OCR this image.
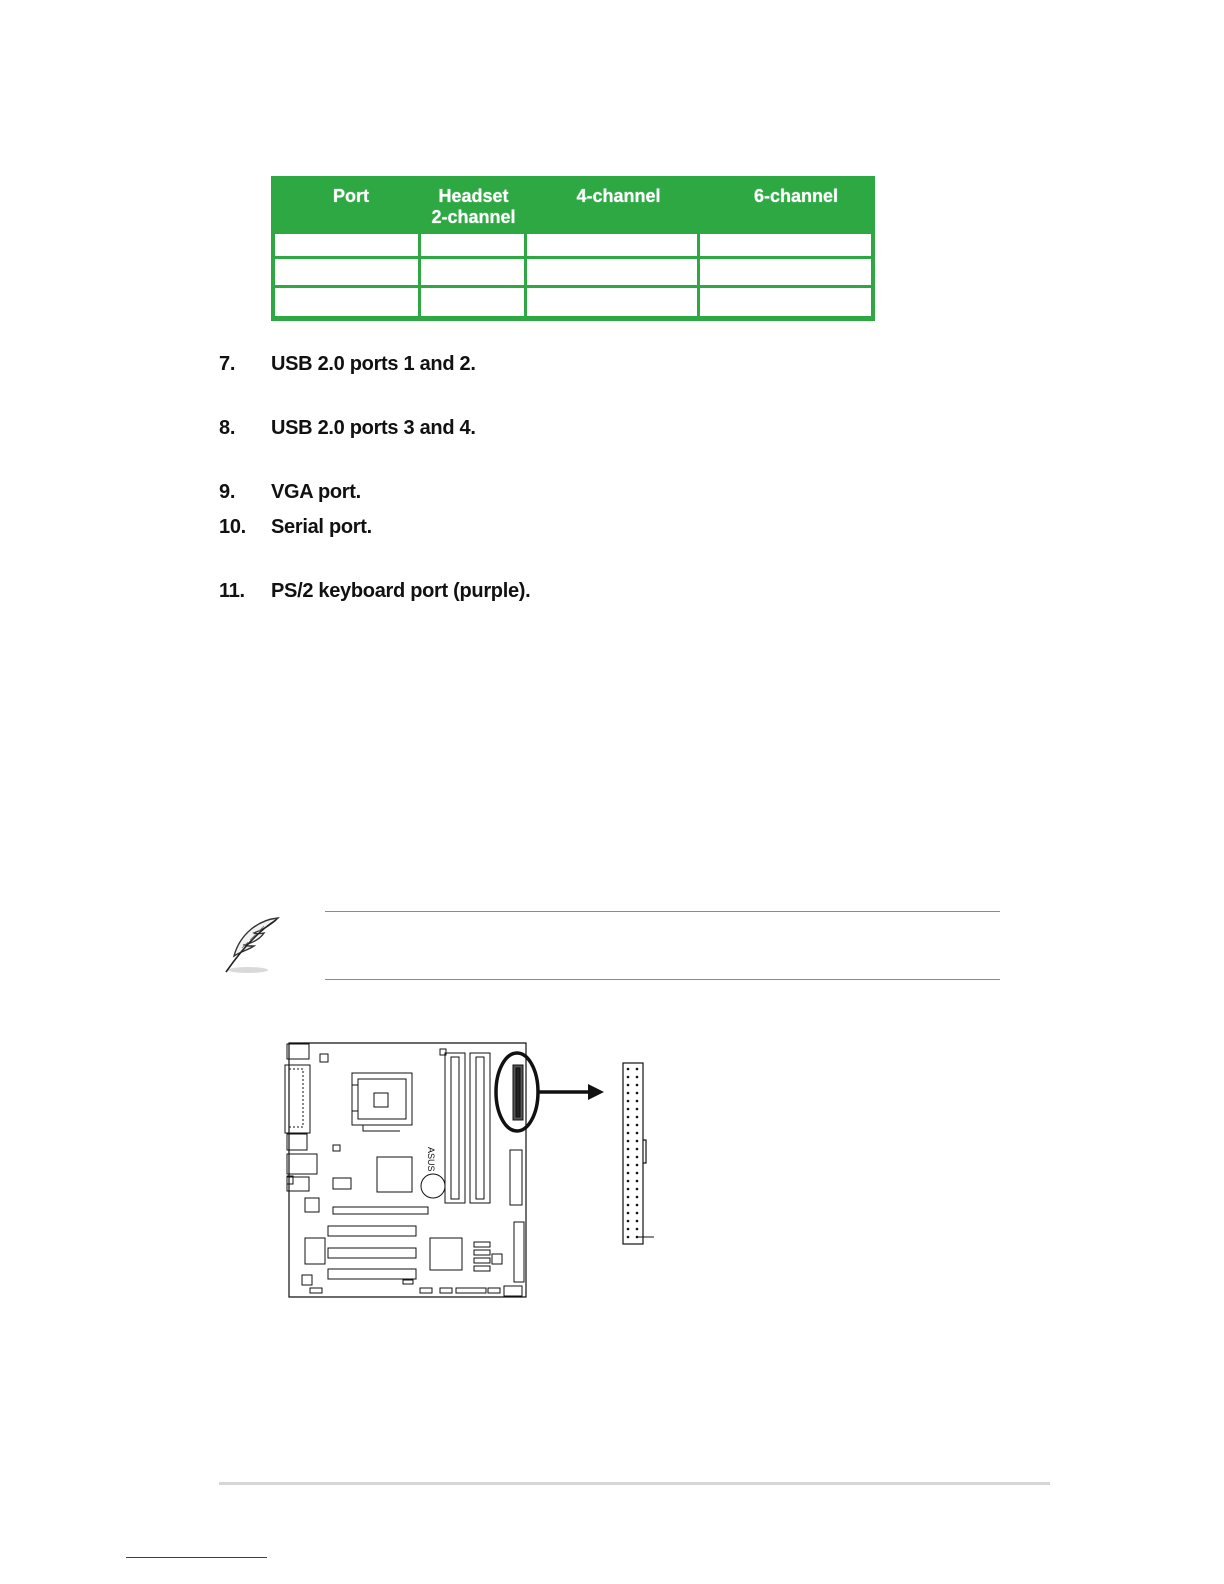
Port	Headset
2-channel
4-channel	6-channel
7. USB 2.0 ports 1 and 2.
8. USB 2.0 ports 3 and 4.
9. VGA port.
10. Serial port.
11. PS/2 keyboard port (purple).
ASUS
